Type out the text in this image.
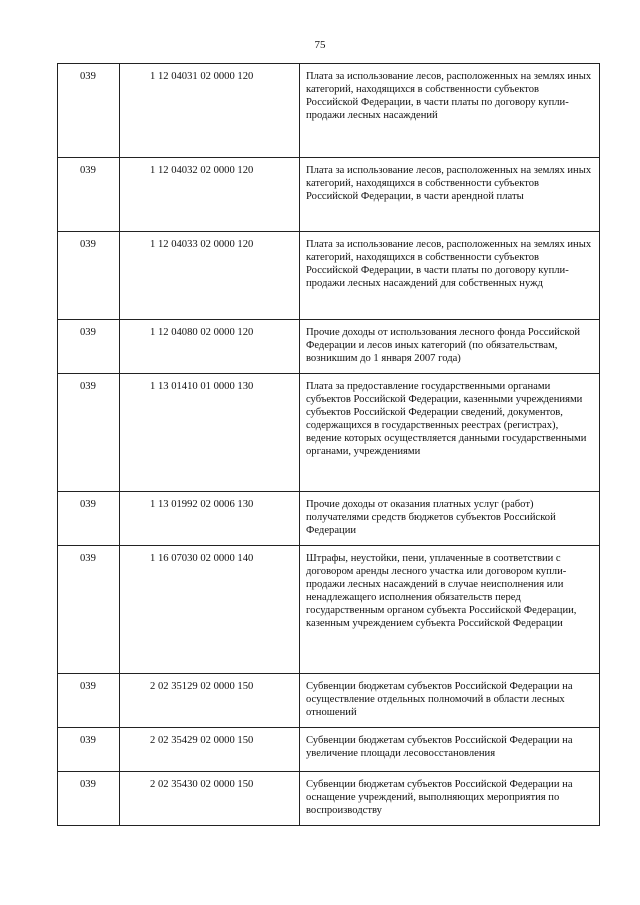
75
039	1 12 04031 02 0000 120	Плата за использование лесов, расположенных на землях иных категорий, находящихся в собственности субъектов Российской Федерации, в части платы по договору купли-продажи лесных насаждений
039	1 12 04032 02 0000 120	Плата за использование лесов, расположенных на землях иных категорий, находящихся в собственности субъектов Российской Федерации, в части арендной платы
039	1 12 04033 02 0000 120	Плата за использование лесов, расположенных на землях иных категорий, находящихся в собственности субъектов Российской Федерации, в части платы по договору купли-продажи лесных насаждений для собственных нужд
039	1 12 04080 02 0000 120	Прочие доходы от использования лесного фонда Российской Федерации и лесов иных категорий (по обязательствам, возникшим до 1 января 2007 года)
039	1 13 01410 01 0000 130	Плата за предоставление государственными органами субъектов Российской Федерации, казенными учреждениями субъектов Российской Федерации сведений, документов, содержащихся в государственных реестрах (регистрах), ведение которых осуществляется данными государственными органами, учреждениями
039	1 13 01992 02 0006 130	Прочие доходы от оказания платных услуг (работ) получателями средств бюджетов субъектов Российской Федерации
039	1 16 07030 02 0000 140	Штрафы, неустойки, пени, уплаченные в соответствии с договором аренды лесного участка или договором купли-продажи лесных насаждений в случае неисполнения или ненадлежащего исполнения обязательств перед государственным органом субъекта Российской Федерации, казенным учреждением субъекта Российской Федерации
039	2 02 35129 02 0000 150	Субвенции бюджетам субъектов Российской Федерации на осуществление отдельных полномочий в области лесных отношений
039	2 02 35429 02 0000 150	Субвенции бюджетам субъектов Российской Федерации на увеличение площади лесовосстановления
039	2 02 35430 02 0000 150	Субвенции бюджетам субъектов Российской Федерации на оснащение учреждений, выполняющих мероприятия по воспроизводству
